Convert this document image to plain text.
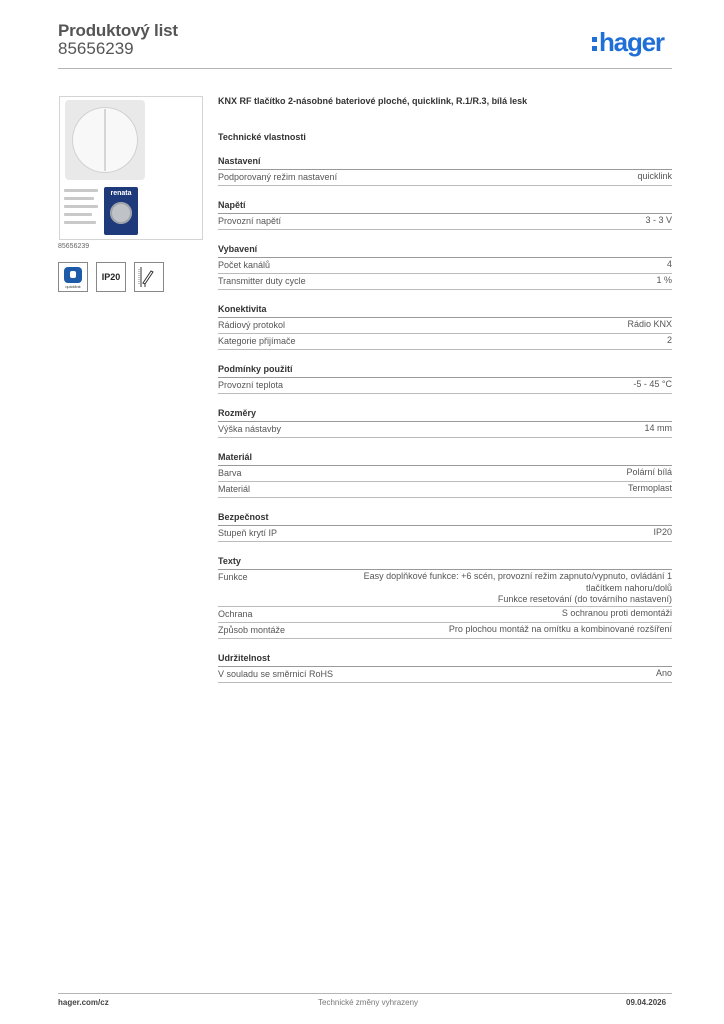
Produktový list
85656239	hager
renata
85656239
quicklink
IP20
KNX RF tlačítko 2-násobné bateriové ploché, quicklink, R.1/R.3, bílá lesk
Technické vlastnosti
Nastavení
Podporovaný režim nastavení	quicklink
Napětí
Provozní napětí	3 - 3 V
Vybavení
Počet kanálů	4
Transmitter duty cycle	1 %
Konektivita
Rádiový protokol	Rádio KNX
Kategorie přijímače	2
Podmínky použití
Provozní teplota	-5 - 45 °C
Rozměry
Výška nástavby	14 mm
Materiál
Barva	Polární bílá
Materiál	Termoplast
Bezpečnost
Stupeň krytí IP	IP20
Texty
Funkce	Easy doplňkové funkce: +6 scén, provozní režim zapnuto/vypnuto, ovládání 1
tlačítkem nahoru/dolů
Funkce resetování (do továrního nastavení)
Ochrana	S ochranou proti demontáži
Způsob montáže	Pro plochou montáž na omítku a kombinované rozšíření
Udržitelnost
V souladu se směrnicí RoHS	Ano
hager.com/cz	Technické změny vyhrazeny	09.04.2026
